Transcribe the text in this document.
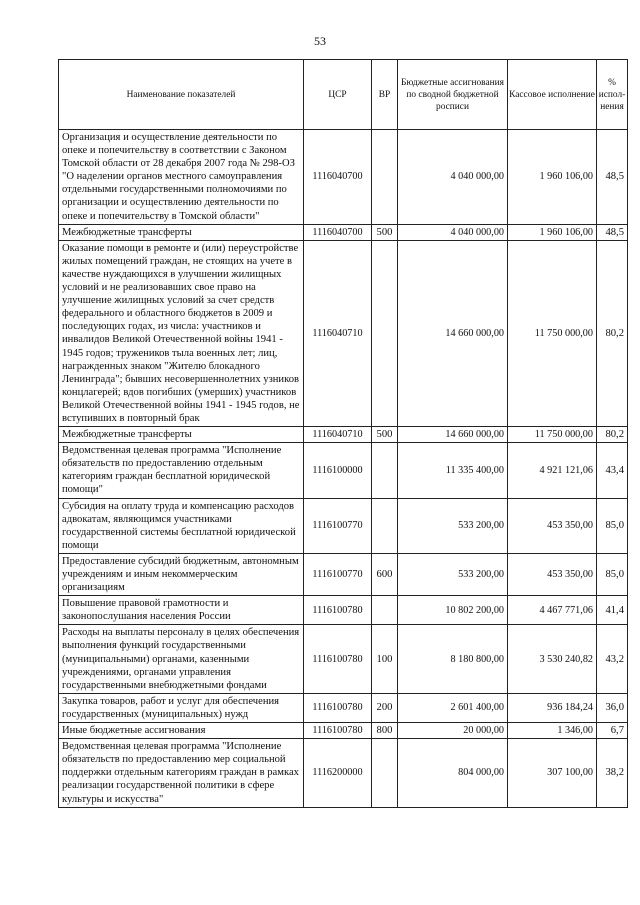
53
Наименование показателей	ЦСР	ВР	Бюджетные ассигнования по сводной бюджетной росписи	Кассовое исполнение	% испол-нения
Организация и осуществление деятельности по опеке и попечительству в соответствии с Законом Томской области от 28 декабря 2007 года № 298-ОЗ "О наделении органов местного самоуправления отдельными государственными полномочиями по организации и осуществлению деятельности по опеке и попечительству в Томской области"	1116040700		4 040 000,00	1 960 106,00	48,5
Межбюджетные трансферты	1116040700	500	4 040 000,00	1 960 106,00	48,5
Оказание помощи в ремонте и (или) переустройстве жилых помещений граждан, не стоящих на учете в качестве нуждающихся в улучшении жилищных условий и не реализовавших свое право на улучшение жилищных условий за счет средств федерального и областного бюджетов в 2009 и последующих годах, из числа: участников и инвалидов Великой Отечественной войны 1941 - 1945 годов; тружеников тыла военных лет; лиц, награжденных знаком "Жителю блокадного Ленинграда"; бывших несовершеннолетних узников концлагерей; вдов погибших (умерших) участников Великой Отечественной войны 1941 - 1945 годов, не вступивших в повторный брак	1116040710		14 660 000,00	11 750 000,00	80,2
Межбюджетные трансферты	1116040710	500	14 660 000,00	11 750 000,00	80,2
Ведомственная целевая программа "Исполнение обязательств по предоставлению отдельным категориям граждан бесплатной юридической помощи"	1116100000		11 335 400,00	4 921 121,06	43,4
Субсидия на оплату труда и компенсацию расходов адвокатам, являющимся участниками государственной системы бесплатной юридической помощи	1116100770		533 200,00	453 350,00	85,0
Предоставление субсидий бюджетным, автономным учреждениям и иным некоммерческим организациям	1116100770	600	533 200,00	453 350,00	85,0
Повышение правовой грамотности и законопослушания населения России	1116100780		10 802 200,00	4 467 771,06	41,4
Расходы на выплаты персоналу в целях обеспечения выполнения функций государственными (муниципальными) органами, казенными учреждениями, органами управления государственными внебюджетными фондами	1116100780	100	8 180 800,00	3 530 240,82	43,2
Закупка товаров, работ и услуг для обеспечения государственных (муниципальных) нужд	1116100780	200	2 601 400,00	936 184,24	36,0
Иные бюджетные ассигнования	1116100780	800	20 000,00	1 346,00	6,7
Ведомственная целевая программа "Исполнение обязательств по предоставлению мер социальной поддержки отдельным категориям граждан в рамках реализации государственной политики в сфере культуры и искусства"	1116200000		804 000,00	307 100,00	38,2
